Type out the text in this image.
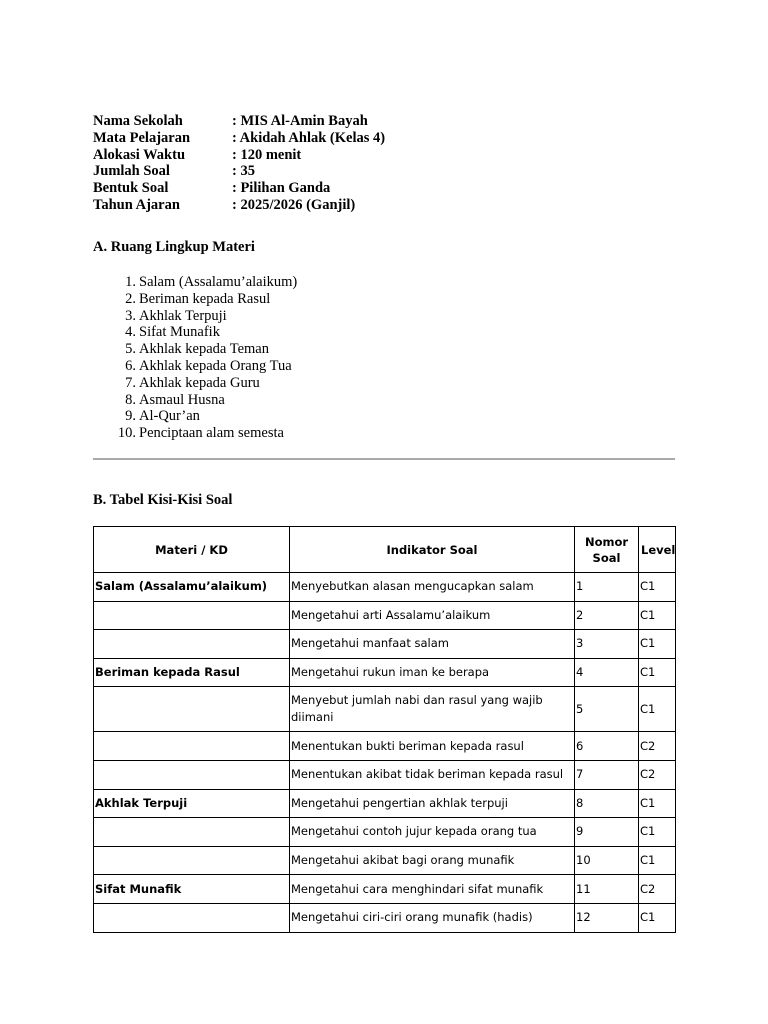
Nama Sekolah	: MIS Al-Amin Bayah
Mata Pelajaran	: Akidah Ahlak (Kelas 4)
Alokasi Waktu	: 120 menit
Jumlah Soal	: 35
Bentuk Soal	: Pilihan Ganda
Tahun Ajaran	: 2025/2026 (Ganjil)
A. Ruang Lingkup Materi
1. Salam (Assalamu’alaikum)
2. Beriman kepada Rasul
3. Akhlak Terpuji
4. Sifat Munafik
5. Akhlak kepada Teman
6. Akhlak kepada Orang Tua
7. Akhlak kepada Guru
8. Asmaul Husna
9. Al-Qur’an
10. Penciptaan alam semesta
B. Tabel Kisi-Kisi Soal
Materi / KD	Indikator Soal	Nomor Soal	Level
Salam (Assalamu’alaikum)	Menyebutkan alasan mengucapkan salam	1	C1
	Mengetahui arti Assalamu’alaikum	2	C1
	Mengetahui manfaat salam	3	C1
Beriman kepada Rasul	Mengetahui rukun iman ke berapa	4	C1
	Menyebut jumlah nabi dan rasul yang wajib diimani	5	C1
	Menentukan bukti beriman kepada rasul	6	C2
	Menentukan akibat tidak beriman kepada rasul	7	C2
Akhlak Terpuji	Mengetahui pengertian akhlak terpuji	8	C1
	Mengetahui contoh jujur kepada orang tua	9	C1
	Mengetahui akibat bagi orang munafik	10	C1
Sifat Munafik	Mengetahui cara menghindari sifat munafik	11	C2
	Mengetahui ciri-ciri orang munafik (hadis)	12	C1
